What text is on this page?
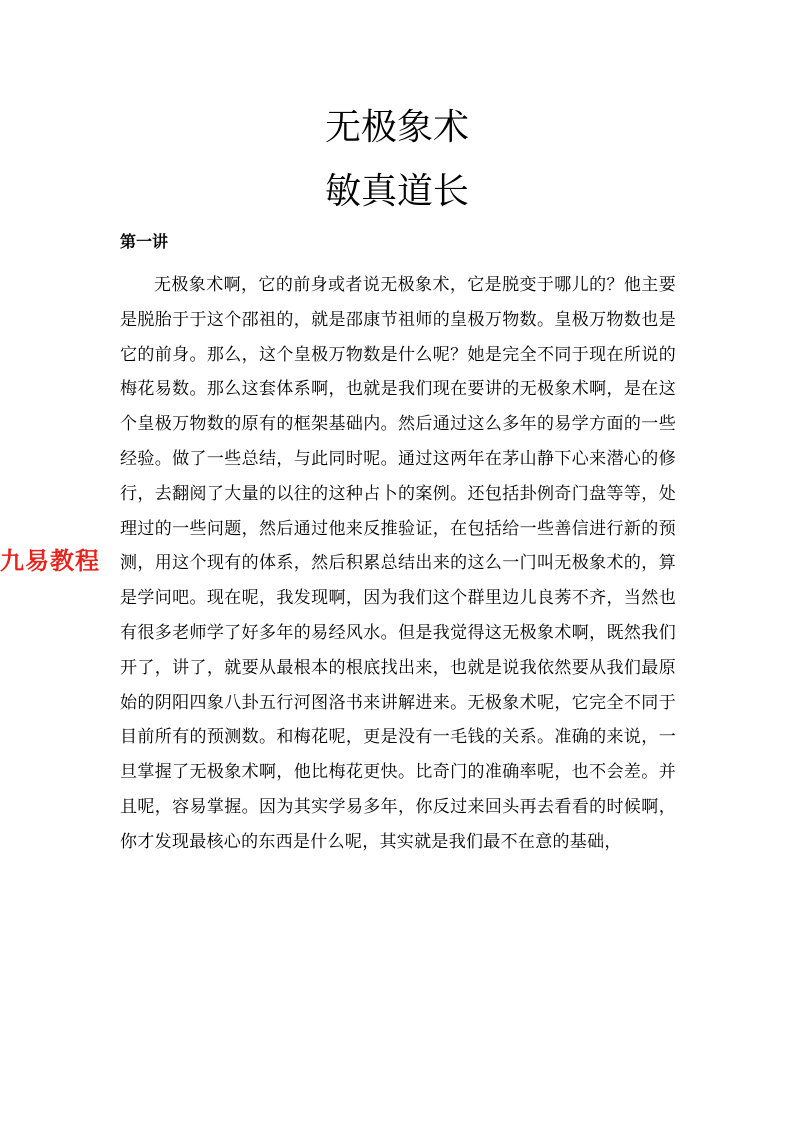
无极象术
敏真道长
第一讲

无极象术啊，它的前身或者说无极象术，它是脱变于哪儿的？他主要是脱胎于于这个邵祖的，就是邵康节祖师的皇极万物数。皇极万物数也是它的前身。那么，这个皇极万物数是什么呢？她是完全不同于现在所说的梅花易数。那么这套体系啊，也就是我们现在要讲的无极象术啊，是在这个皇极万物数的原有的框架基础内。然后通过这么多年的易学方面的一些经验。做了一些总结，与此同时呢。通过这两年在茅山静下心来潜心的修行，去翻阅了大量的以往的这种占卜的案例。还包括卦例奇门盘等等，处理过的一些问题，然后通过他来反推验证，在包括给一些善信进行新的预测，用这个现有的体系，然后积累总结出来的这么一门叫无极象术的，算是学问吧。现在呢，我发现啊，因为我们这个群里边儿良莠不齐，当然也有很多老师学了好多年的易经风水。但是我觉得这无极象术啊，既然我们开了，讲了，就要从最根本的根底找出来，也就是说我依然要从我们最原始的阴阳四象八卦五行河图洛书来讲解进来。无极象术呢，它完全不同于目前所有的预测数。和梅花呢，更是没有一毛钱的关系。准确的来说，一旦掌握了无极象术啊，他比梅花更快。比奇门的准确率呢，也不会差。并且呢，容易掌握。因为其实学易多年，你反过来回头再去看看的时候啊，你才发现最核心的东西是什么呢，其实就是我们最不在意的基础，

九易教程
